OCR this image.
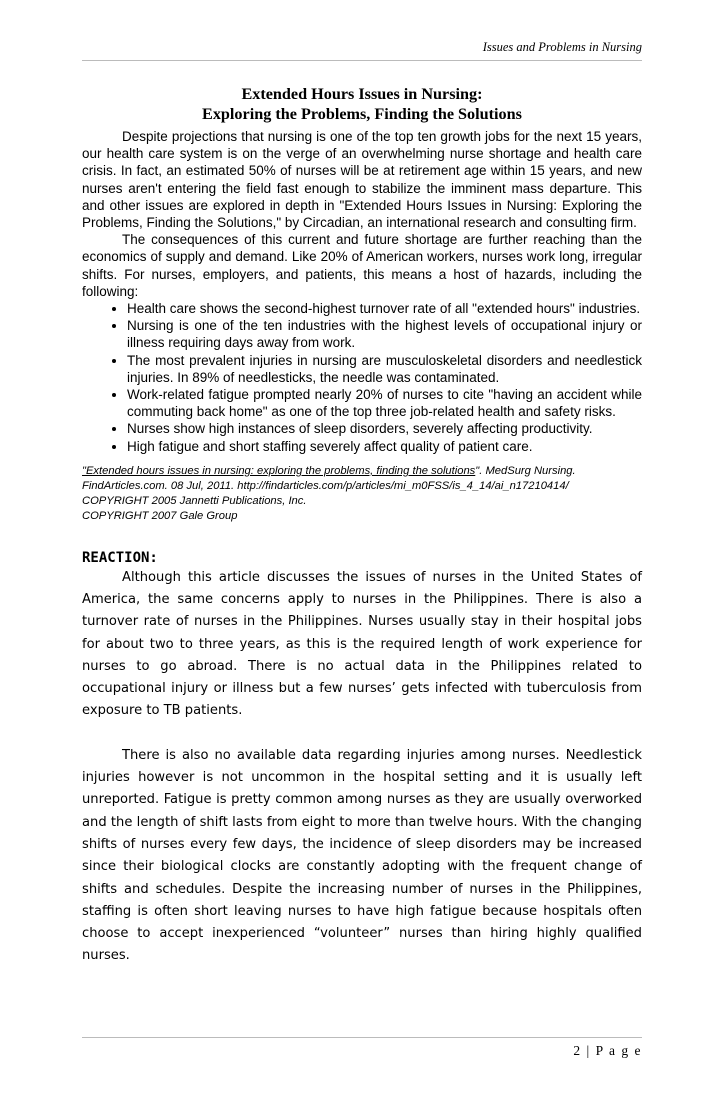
Issues and Problems in Nursing
Extended Hours Issues in Nursing:
Exploring the Problems, Finding the Solutions

Despite projections that nursing is one of the top ten growth jobs for the next 15 years, our health care system is on the verge of an overwhelming nurse shortage and health care crisis. In fact, an estimated 50% of nurses will be at retirement age within 15 years, and new nurses aren't entering the field fast enough to stabilize the imminent mass departure. This and other issues are explored in depth in "Extended Hours Issues in Nursing: Exploring the Problems, Finding the Solutions," by Circadian, an international research and consulting firm.

The consequences of this current and future shortage are further reaching than the economics of supply and demand. Like 20% of American workers, nurses work long, irregular shifts. For nurses, employers, and patients, this means a host of hazards, including the following:

• Health care shows the second-highest turnover rate of all "extended hours" industries.
• Nursing is one of the ten industries with the highest levels of occupational injury or illness requiring days away from work.
• The most prevalent injuries in nursing are musculoskeletal disorders and needlestick injuries. In 89% of needlesticks, the needle was contaminated.
• Work-related fatigue prompted nearly 20% of nurses to cite "having an accident while commuting back home" as one of the top three job-related health and safety risks.
• Nurses show high instances of sleep disorders, severely affecting productivity.
• High fatigue and short staffing severely affect quality of patient care.
"Extended hours issues in nursing: exploring the problems, finding the solutions". MedSurg Nursing.
FindArticles.com. 08 Jul, 2011. http://findarticles.com/p/articles/mi_m0FSS/is_4_14/ai_n17210414/
COPYRIGHT 2005 Jannetti Publications, Inc.
COPYRIGHT 2007 Gale Group
REACTION:

Although this article discusses the issues of nurses in the United States of America, the same concerns apply to nurses in the Philippines. There is also a turnover rate of nurses in the Philippines. Nurses usually stay in their hospital jobs for about two to three years, as this is the required length of work experience for nurses to go abroad. There is no actual data in the Philippines related to occupational injury or illness but a few nurses’ gets infected with tuberculosis from exposure to TB patients.

There is also no available data regarding injuries among nurses. Needlestick injuries however is not uncommon in the hospital setting and it is usually left unreported. Fatigue is pretty common among nurses as they are usually overworked and the length of shift lasts from eight to more than twelve hours. With the changing shifts of nurses every few days, the incidence of sleep disorders may be increased since their biological clocks are constantly adopting with the frequent change of shifts and schedules. Despite the increasing number of nurses in the Philippines, staffing is often short leaving nurses to have high fatigue because hospitals often choose to accept inexperienced “volunteer” nurses than hiring highly qualified nurses.

2 | P a g e
